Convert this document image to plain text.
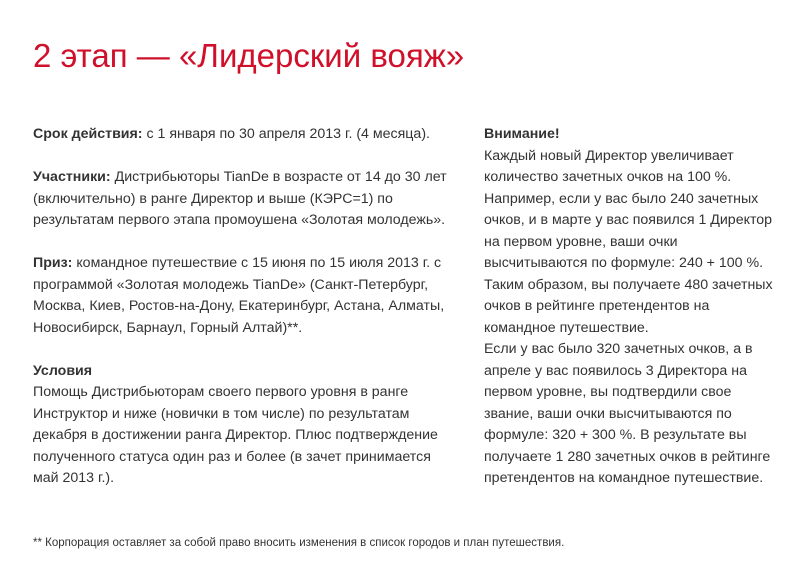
2 этап — «Лидерский вояж»

Срок действия: с 1 января по 30 апреля 2013 г. (4 месяца).

Участники: Дистрибьюторы TianDe в возрасте от 14 до 30 лет (включительно) в ранге Директор и выше (КЭРС=1) по результатам первого этапа промоушена «Золотая молодежь».

Приз: командное путешествие с 15 июня по 15 июля 2013 г. с программой «Золотая молодежь TianDe» (Санкт-Петербург, Москва, Киев, Ростов-на-Дону, Екатеринбург, Астана, Алматы, Новосибирск, Барнаул, Горный Алтай)**.

Условия
Помощь Дистрибьюторам своего первого уровня в ранге Инструктор и ниже (новички в том числе) по результатам декабря в достижении ранга Директор. Плюс подтверждение полученного статуса один раз и более (в зачет принимается май 2013 г.).
Внимание!
Каждый новый Директор увеличивает количество зачетных очков на 100 %.
Например, если у вас было 240 зачетных очков, и в марте у вас появился 1 Директор на первом уровне, ваши очки высчитываются по формуле: 240 + 100 %. Таким образом, вы получаете 480 зачетных очков в рейтинге претендентов на командное путешествие.
Если у вас было 320 зачетных очков, а в апреле у вас появилось 3 Директора на первом уровне, вы подтвердили свое звание, ваши очки высчитываются по формуле: 320 + 300 %. В результате вы получаете 1 280 зачетных очков в рейтинге претендентов на командное путешествие.
** Корпорация оставляет за собой право вносить изменения в список городов и план путешествия.
